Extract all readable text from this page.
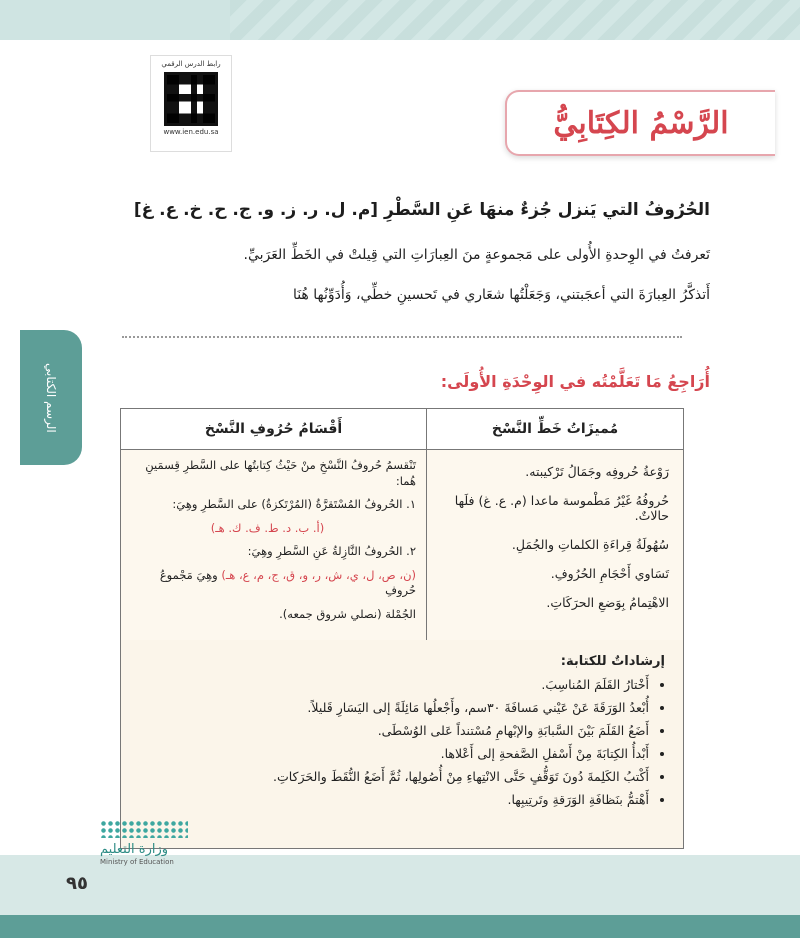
رابط الدرس الرقمي
www.ien.edu.sa	الرَّسْمُ الكِتَابِيُّ
الرسم الكتابي
الحُرُوفُ التي يَنزل جُزءٌ منهَا عَنِ السَّطْرِ [م. ل. ر. ز. و. ج. ح. خ. ع. غ]
تَعرفتُ في الوِحدةِ الأُولى على مَجموعةٍ منَ العِبارَاتِ التي قِيلتْ في الخَطِّ العَرَبيِّ.
أَتذكَّرُ العِبارَةَ التي أعجَبتني، وَجَعَلْتُها شعَاري في تَحسينِ خطِّي، وَأُدَوِّنُها هُنَا
أُرَاجِعُ مَا تَعَلَّمْتُه في الوِحْدَةِ الأُولَى:
مُميزَاتُ خَطِّ النَّسْخ
أَقْسَامُ حُرُوفِ النَّسْخ
رَوْعةُ حُروفِه وجَمَالُ تَرْكيبته.
حُروفُهُ غَيْرُ مَطْموسة ماعدا (م. ع. غ) فلَها حالاتٌ.
سُهُولَةُ قِراءَةِ الكلماتِ والجُمَلِ.
تَسَاوي أَحْجَامِ الحُرُوفِ.
الاهْتِمامُ بِوَضعِ الحرَكَاتِ.
تَنْقسمُ حُروفُ النَّسْخِ منْ حَيْثُ كِتابتُها على السَّطرِ قِسمَينِ هُما:
١. الحُروفُ المُسْتَقرَّةُ (المُرْتَكزةُ) على السَّطرِ وهِيَ:
(أ. ب. د. ط. ف. ك. هـ)
٢. الحُروفُ النَّازِلةُ عَنِ السَّطرِ وهِيَ:
(ن، ص، ل، ي، ش، ر، و، ق، ج، م، ع، هـ) وهِيَ مَجْموعُ حُروفِ
الجُمْلة (نصلي شروق جمعه).
إرشاداتٌ للكتابة:
• أَخْتارُ القَلَمَ المُناسِبَ.
• أُبْعدُ الوَرَقَةَ عَنْ عَيْني مَسافَةَ ٣٠سم، وأَجْعلُها مَائِلَةً إلى اليَسَارِ قَليلاً.
• أَضَعُ القَلَمَ بَيْنَ السَّبابَةِ والإبْهامِ مُسْتنداً عَلى الوُسْطَى.
• أَبْدأُ الكِتابَةَ مِنْ أَسْفلِ الصَّفحةِ إلى أَعْلاها.
• أَكْتبُ الكَلِمةَ دُونَ تَوَقُّفٍ حَتَّى الانْتِهاءِ مِنْ أُصُولِها، ثُمَّ أَضَعُ النُّقَطَ والحَرَكاتِ.
• أَهْتمُّ بنَظافَةِ الوَرَقةِ وتَرتِيبِها.
وزارة التعليم
Ministry of Education
٩٥
